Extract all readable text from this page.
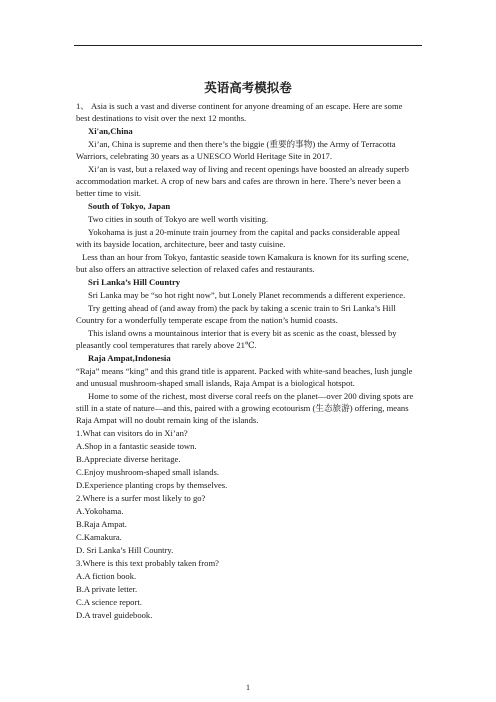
英语高考模拟卷
1、 Asia is such a vast and diverse continent for anyone dreaming of an escape. Here are some
best destinations to visit over the next 12 months.
Xi'an,China
Xi’an, China is supreme and then there’s the biggie (重要的事物) the Army of Terracotta
Warriors, celebrating 30 years as a UNESCO World Heritage Site in 2017.
Xi’an is vast, but a relaxed way of living and recent openings have boosted an already superb
accommodation market. A crop of new bars and cafes are thrown in here. There’s never been a
better time to visit.
South of Tokyo, Japan
Two cities in south of Tokyo are well worth visiting.
Yokohama is just a 20-minute train journey from the capital and packs considerable appeal
with its bayside location, architecture, beer and tasty cuisine.
Less than an hour from Tokyo, fantastic seaside town Kamakura is known for its surfing scene,
but also offers an attractive selection of relaxed cafes and restaurants.
Sri Lanka’s Hill Country
Sri Lanka may be “so hot right now”, but Lonely Planet recommends a different experience.
Try getting ahead of (and away from) the pack by taking a scenic train to Sri Lanka’s Hill
Country for a wonderfully temperate escape from the nation’s humid coasts.
This island owns a mountainous interior that is every bit as scenic as the coast, blessed by
pleasantly cool temperatures that rarely above 21℃.
Raja Ampat,Indonesia
“Raja” means “king” and this grand title is apparent. Packed with white-sand beaches, lush jungle
and unusual mushroom-shaped small islands, Raja Ampat is a biological hotspot.
Home to some of the richest, most diverse coral reefs on the planet—over 200 diving spots are
still in a state of nature—and this, paired with a growing ecotourism (生态旅游) offering, means
Raja Ampat will no doubt remain king of the islands.
1.What can visitors do in Xi’an?
A.Shop in a fantastic seaside town.
B.Appreciate diverse heritage.
C.Enjoy mushroom-shaped small islands.
D.Experience planting crops by themselves.
2.Where is a surfer most likely to go?
A.Yokohama.
B.Raja Ampat.
C.Kamakura.
D. Sri Lanka’s Hill Country.
3.Where is this text probably taken from?
A.A fiction book.
B.A private letter.
C.A science report.
D.A travel guidebook.
1
